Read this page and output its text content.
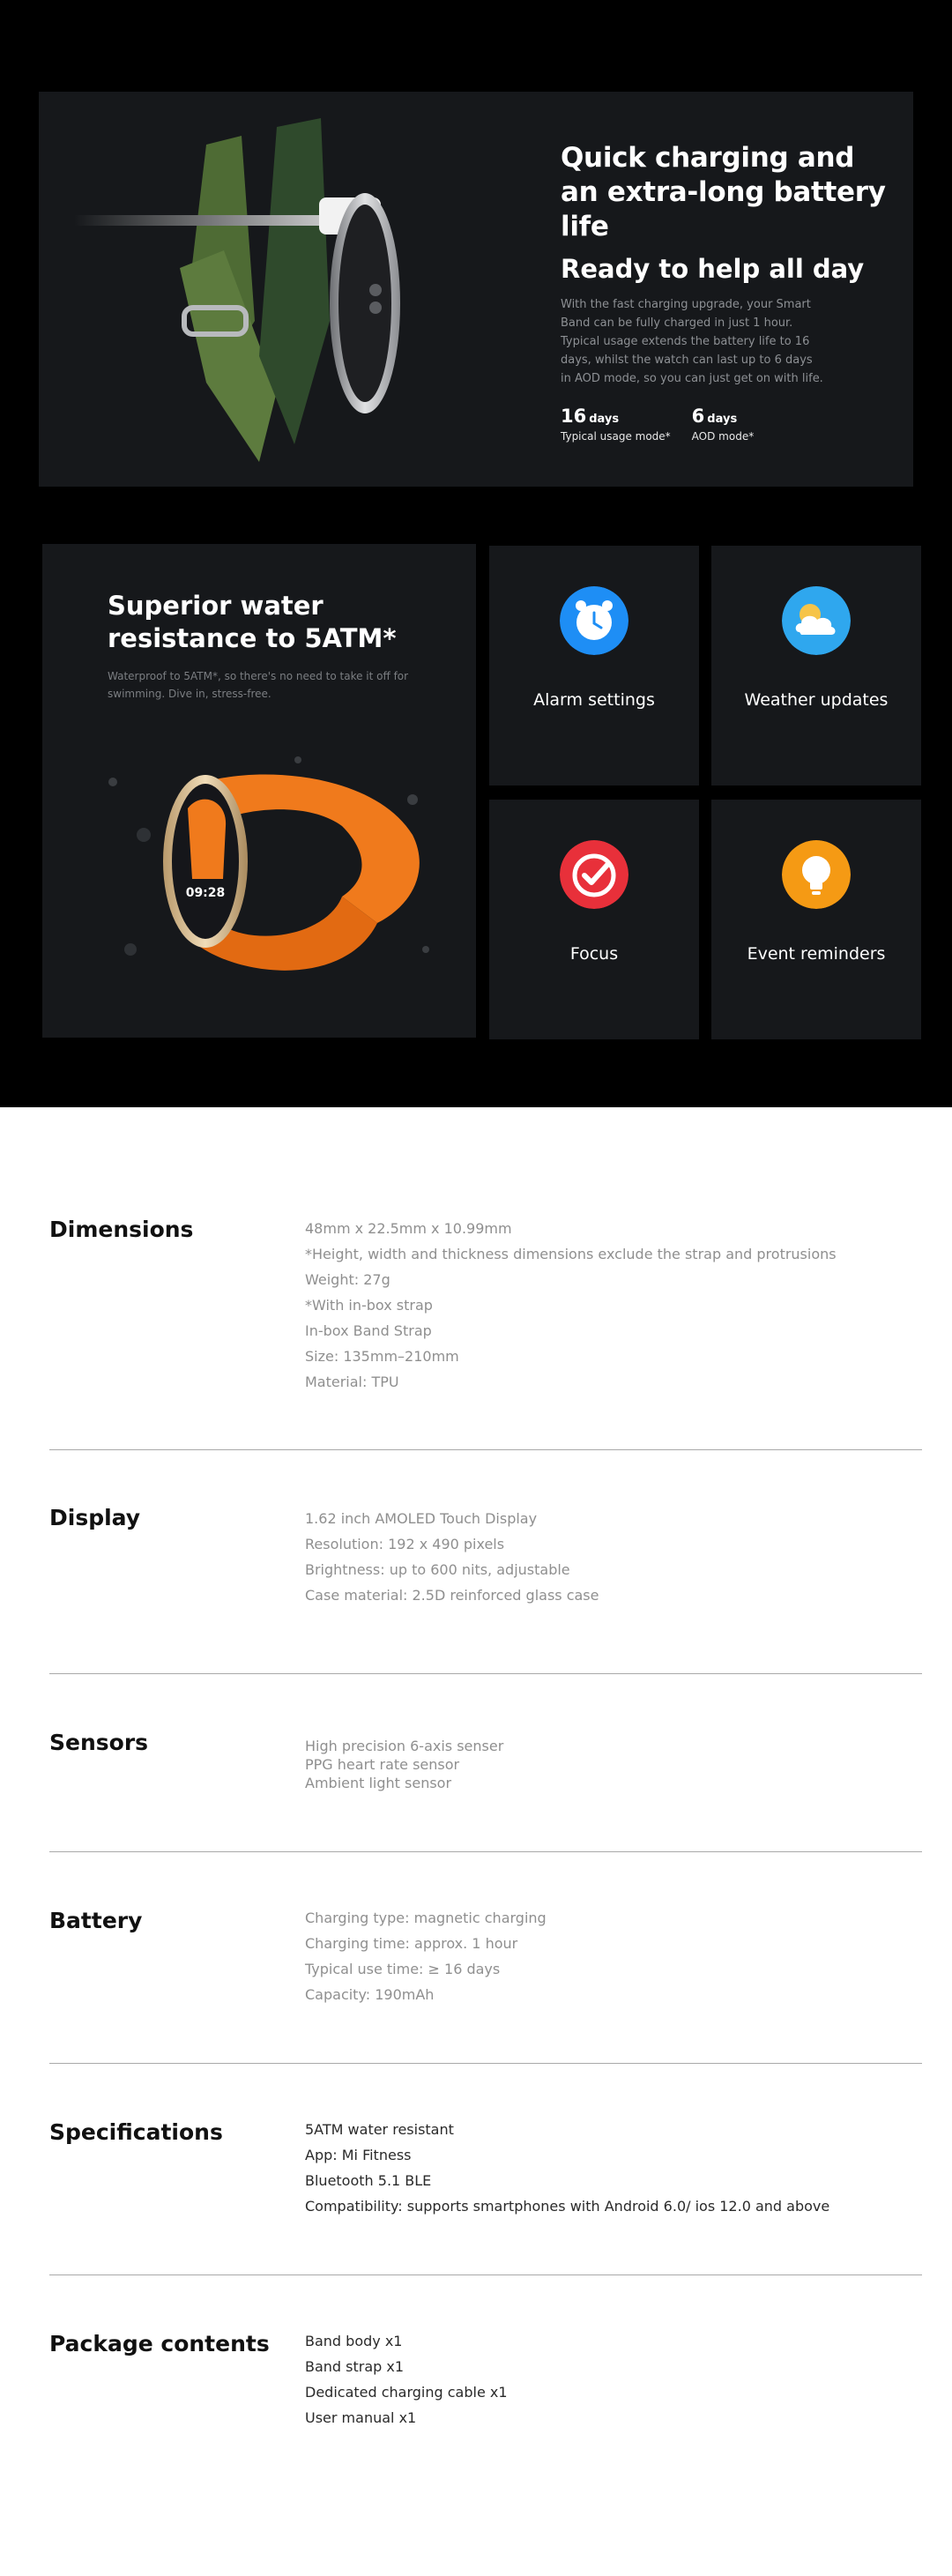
Quick charging and an extra-long battery life
Ready to help all day
With the fast charging upgrade, your Smart Band can be fully charged in just 1 hour. Typical usage extends the battery life to 16 days, whilst the watch can last up to 6 days in AOD mode, so you can just get on with life.
16 days
Typical usage mode*
6 days
AOD mode*
Superior water resistance to 5ATM*
Waterproof to 5ATM*, so there's no need to take it off for swimming. Dive in, stress-free.
09:28
Alarm settings	Weather updates
Focus	Event reminders
Dimensions	48mm x 22.5mm x 10.99mm
*Height, width and thickness dimensions exclude the strap and protrusions
Weight: 27g
*With in-box strap
In-box Band Strap
Size: 135mm–210mm
Material: TPU
Display	1.62 inch AMOLED Touch Display
Resolution: 192 x 490 pixels
Brightness: up to 600 nits, adjustable
Case material: 2.5D reinforced glass case
Sensors	High precision 6-axis senser
PPG heart rate sensor
Ambient light sensor
Battery	Charging type: magnetic charging
Charging time: approx. 1 hour
Typical use time: ≥ 16 days
Capacity: 190mAh
Specifications	5ATM water resistant
App: Mi Fitness
Bluetooth 5.1 BLE
Compatibility: supports smartphones with Android 6.0/ ios 12.0 and above
Package contents	Band body x1
Band strap x1
Dedicated charging cable x1
User manual x1
